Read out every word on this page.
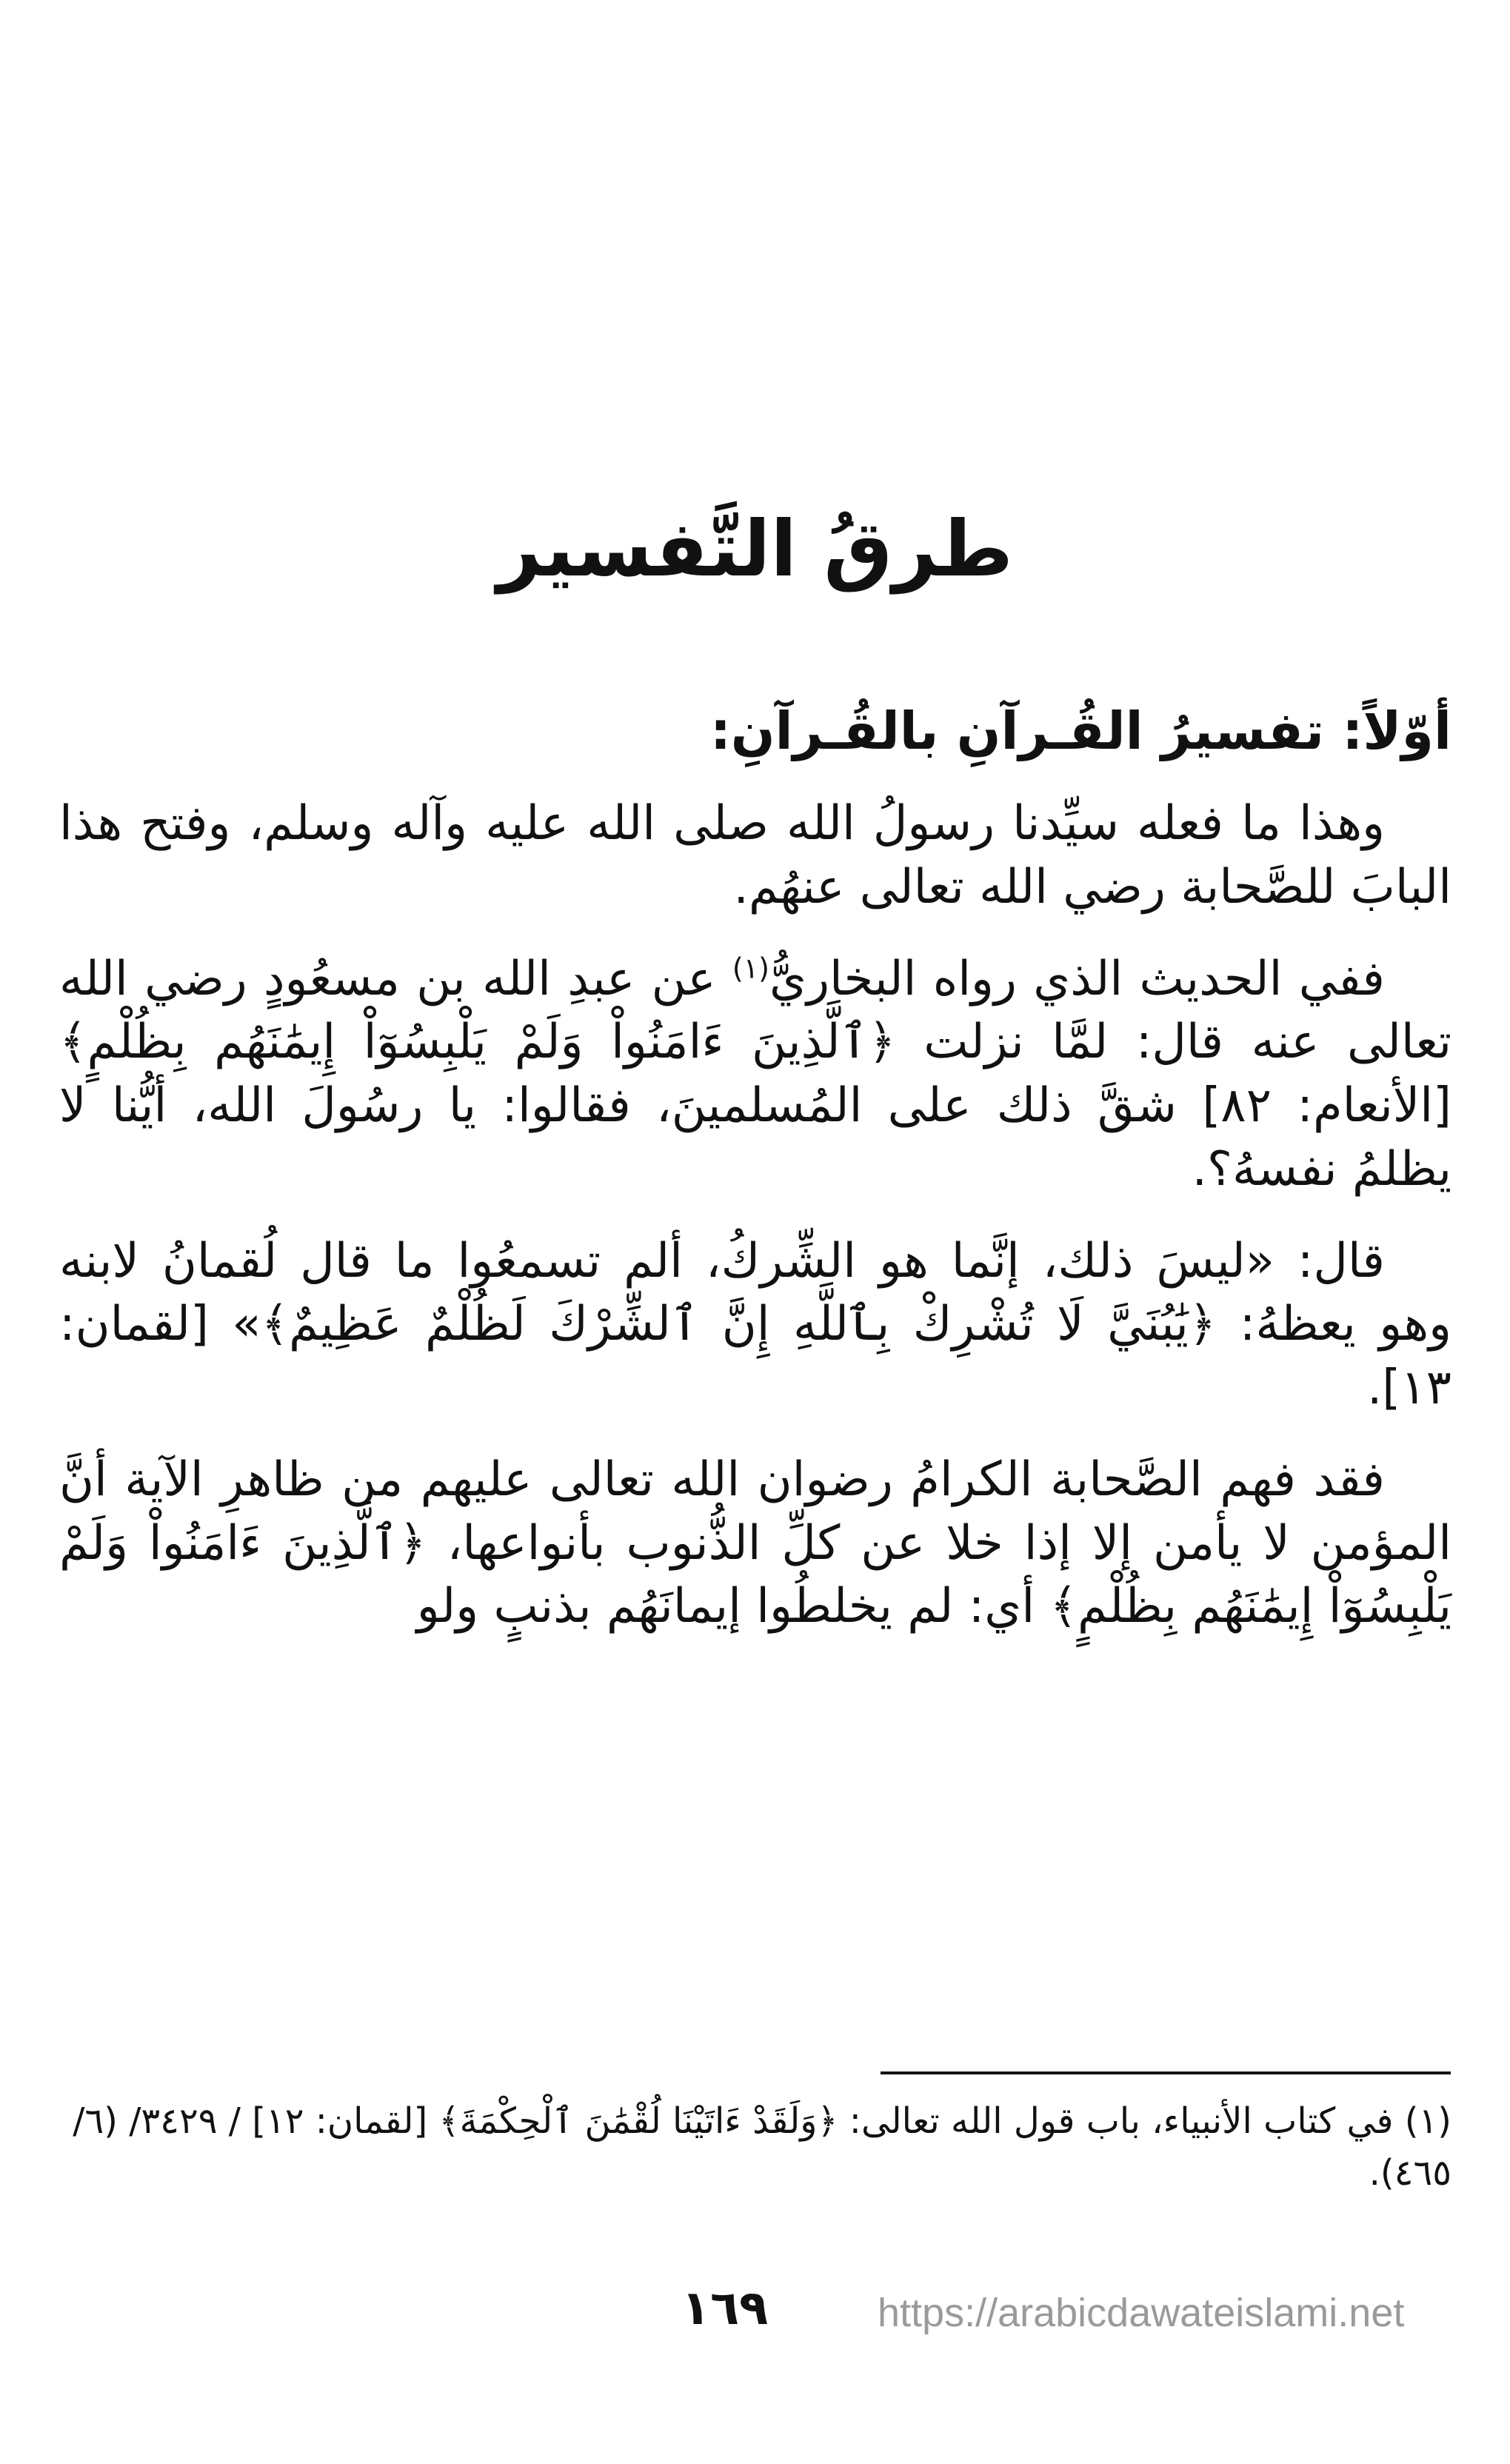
طرقُ التَّفسير
أوّلاً: تفسيرُ القُـرآنِ بالقُـرآنِ:

وهذا ما فعله سيِّدنا رسولُ الله صلى الله عليه وآله وسلم، وفتح هذا البابَ للصَّحابة رضي الله تعالى عنهُم.

ففي الحديث الذي رواه البخاريُّ$^{(١)}$ عن عبدِ الله بن مسعُودٍ رضي الله تعالى عنه قال: لمَّا نزلت ﴿ٱلَّذِينَ ءَامَنُواْ وَلَمْ يَلْبِسُوٓاْ إِيمَٰنَهُم بِظُلْمٍ﴾ [الأنعام: ٨٢] شقَّ ذلك على المُسلمينَ، فقالوا: يا رسُولَ الله، أيُّنا لا يظلمُ نفسهُ؟.

قال: «ليسَ ذلك، إنَّما هو الشِّركُ، ألم تسمعُوا ما قال لُقمانُ لابنه وهو يعظهُ: ﴿يَٰبُنَيَّ لَا تُشْرِكْ بِٱللَّهِ إِنَّ ٱلشِّرْكَ لَظُلْمٌ عَظِيمٌ﴾» [لقمان: ١٣].

فقد فهم الصَّحابة الكرامُ رضوان الله تعالى عليهم من ظاهرِ الآية أنَّ المؤمن لا يأمن إلا إذا خلا عن كلِّ الذُّنوب بأنواعها، ﴿ٱلَّذِينَ ءَامَنُواْ وَلَمْ يَلْبِسُوٓاْ إِيمَٰنَهُم بِظُلْمٍ﴾ أي: لم يخلطُوا إيمانَهُم بذنبٍ ولو

(١) في كتاب الأنبياء، باب قول الله تعالى: ﴿وَلَقَدْ ءَاتَيْنَا لُقْمَٰنَ ٱلْحِكْمَةَ﴾ [لقمان: ١٢] / ٣٤٢٩/ (٦/ ٤٦٥).
١٦٩	https://arabicdawateislami.net
